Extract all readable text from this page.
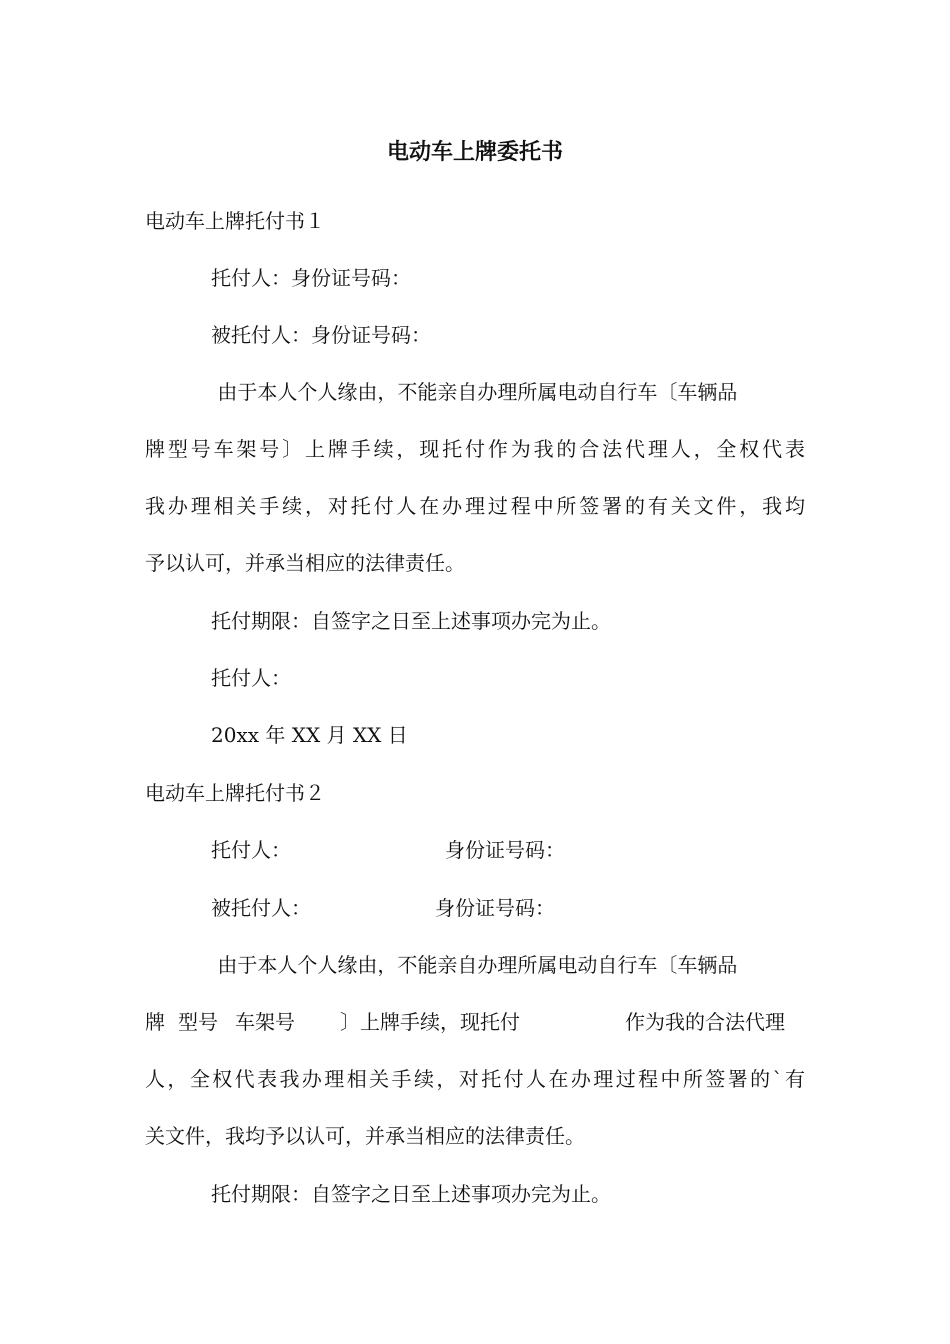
电动车上牌委托书
电动车上牌托付书１
托付人：身份证号码：
被托付人：身份证号码：
由于本人个人缘由，不能亲自办理所属电动自行车〔车辆品
牌型号车架号〕上牌手续，现托付作为我的合法代理人，全权代表
我办理相关手续，对托付人在办理过程中所签署的有关文件，我均
予以认可，并承当相应的法律责任。
托付期限：自签字之日至上述事项办完为止。
托付人：
20xx 年 XX 月 XX 日
电动车上牌托付书２
托付人：	身份证号码：
被托付人：	身份证号码：
由于本人个人缘由，不能亲自办理所属电动自行车〔车辆品
牌 型号 车架号	〕上牌手续，现托付	作为我的合法代理
人，全权代表我办理相关手续，对托付人在办理过程中所签署的`有
关文件，我均予以认可，并承当相应的法律责任。
托付期限：自签字之日至上述事项办完为止。
